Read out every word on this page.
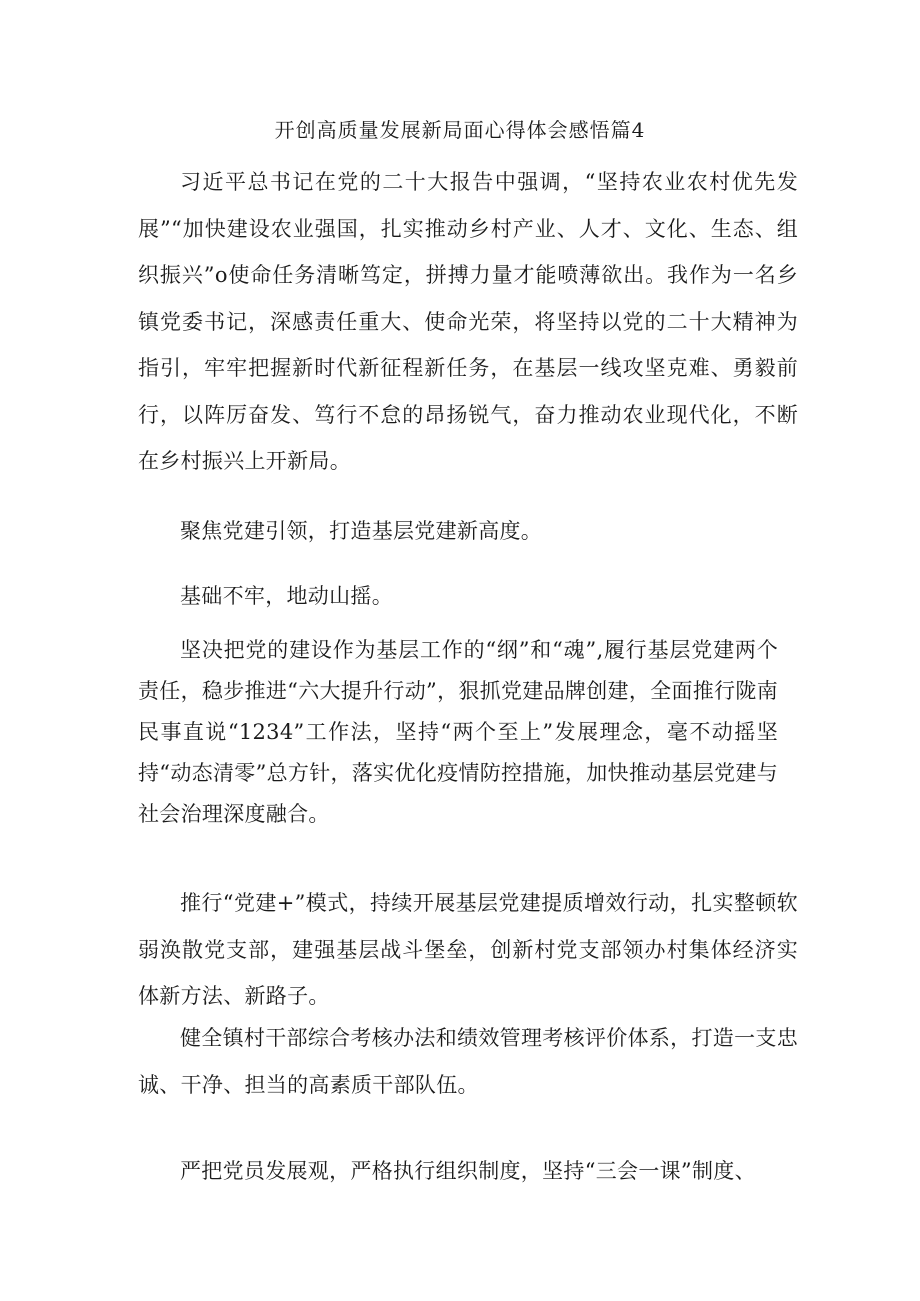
开创高质量发展新局面心得体会感悟篇4

习近平总书记在党的二十大报告中强调，“坚持农业农村优先发展”“加快建设农业强国，扎实推动乡村产业、人才、文化、生态、组织振兴”o使命任务清晰笃定，拼搏力量才能喷薄欲出。我作为一名乡镇党委书记，深感责任重大、使命光荣，将坚持以党的二十大精神为指引，牢牢把握新时代新征程新任务，在基层一线攻坚克难、勇毅前行，以阵厉奋发、笃行不怠的昂扬锐气，奋力推动农业现代化，不断在乡村振兴上开新局。

聚焦党建引领，打造基层党建新高度。

基础不牢，地动山摇。

坚决把党的建设作为基层工作的“纲”和“魂”,履行基层党建两个责任，稳步推进“六大提升行动”，狠抓党建品牌创建，全面推行陇南民事直说“1234”工作法，坚持“两个至上”发展理念，毫不动摇坚持“动态清零”总方针，落实优化疫情防控措施，加快推动基层党建与社会治理深度融合。

推行“党建+”模式，持续开展基层党建提质增效行动，扎实整顿软弱涣散党支部，建强基层战斗堡垒，创新村党支部领办村集体经济实体新方法、新路子。

健全镇村干部综合考核办法和绩效管理考核评价体系，打造一支忠诚、干净、担当的高素质干部队伍。

严把党员发展观，严格执行组织制度，坚持“三会一课”制度、
